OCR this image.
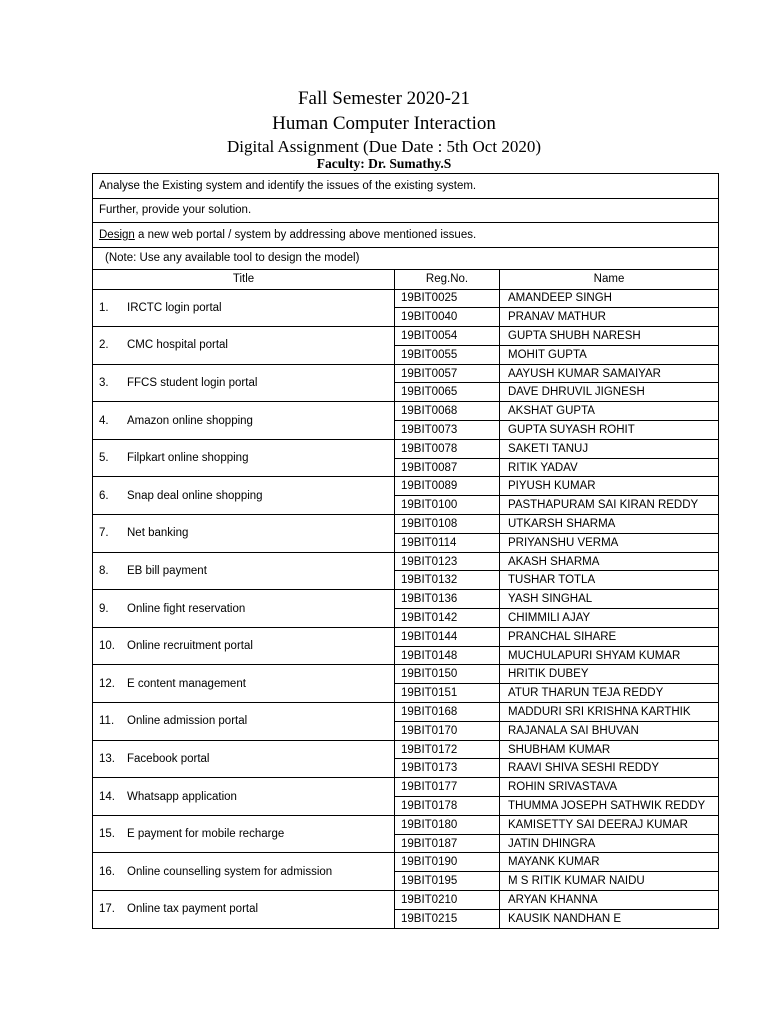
Fall Semester 2020-21
Human Computer Interaction
Digital Assignment (Due Date : 5th Oct 2020)
Faculty: Dr. Sumathy.S
Analyse the Existing system and identify the issues of the existing system.		
Further, provide your solution.		
Design a new web portal / system by addressing above mentioned issues.		
(Note: Use any available tool to design the model)		
Title	Reg.No.	Name
1. IRCTC login portal	19BIT0025	AMANDEEP SINGH
	19BIT0040	PRANAV MATHUR
2. CMC hospital portal	19BIT0054	GUPTA SHUBH NARESH
	19BIT0055	MOHIT GUPTA
3. FFCS student login portal	19BIT0057	AAYUSH KUMAR SAMAIYAR
	19BIT0065	DAVE DHRUVIL JIGNESH
4. Amazon online shopping	19BIT0068	AKSHAT GUPTA
	19BIT0073	GUPTA SUYASH ROHIT
5. Filpkart online shopping	19BIT0078	SAKETI TANUJ
	19BIT0087	RITIK YADAV
6. Snap deal online shopping	19BIT0089	PIYUSH KUMAR
	19BIT0100	PASTHAPURAM SAI KIRAN REDDY
7. Net banking	19BIT0108	UTKARSH SHARMA
	19BIT0114	PRIYANSHU VERMA
8. EB bill payment	19BIT0123	AKASH SHARMA
	19BIT0132	TUSHAR TOTLA
9. Online fight reservation	19BIT0136	YASH SINGHAL
	19BIT0142	CHIMMILI AJAY
10. Online recruitment portal	19BIT0144	PRANCHAL SIHARE
	19BIT0148	MUCHULAPURI SHYAM KUMAR
12. E content management	19BIT0150	HRITIK DUBEY
	19BIT0151	ATUR THARUN TEJA REDDY
11. Online admission portal	19BIT0168	MADDURI SRI KRISHNA KARTHIK
	19BIT0170	RAJANALA SAI BHUVAN
13. Facebook portal	19BIT0172	SHUBHAM KUMAR
	19BIT0173	RAAVI SHIVA SESHI REDDY
14. Whatsapp application	19BIT0177	ROHIN SRIVASTAVA
	19BIT0178	THUMMA JOSEPH SATHWIK REDDY
15. E payment for mobile recharge	19BIT0180	KAMISETTY SAI DEERAJ KUMAR
	19BIT0187	JATIN DHINGRA
16. Online counselling system for admission	19BIT0190	MAYANK KUMAR
	19BIT0195	M S RITIK KUMAR NAIDU
17. Online tax payment portal	19BIT0210	ARYAN KHANNA
	19BIT0215	KAUSIK NANDHAN E
